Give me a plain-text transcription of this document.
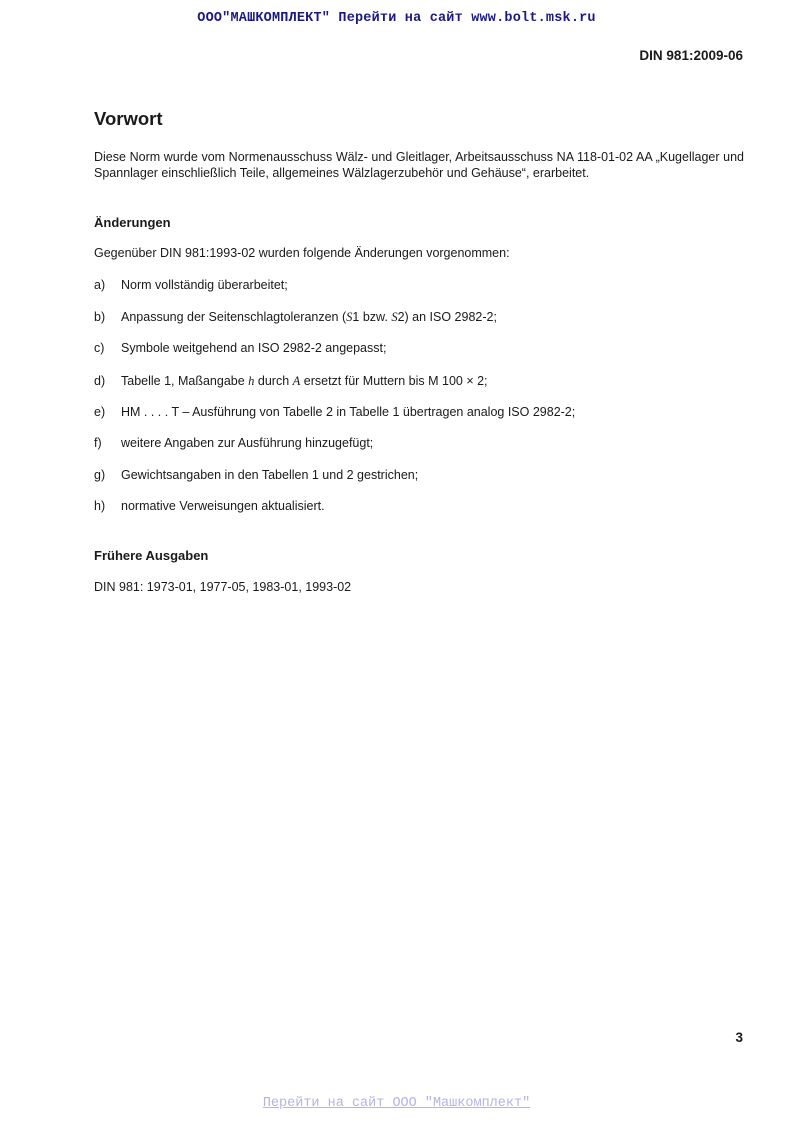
ООО"МАШКОМПЛЕКТ" Перейти на сайт www.bolt.msk.ru
DIN 981:2009-06
Vorwort

Diese Norm wurde vom Normenausschuss Wälz- und Gleitlager, Arbeitsausschuss NA 118-01-02 AA „Kugellager und Spannlager einschließlich Teile, allgemeines Wälzlagerzubehör und Gehäuse“, erarbeitet.

Änderungen
Gegenüber DIN 981:1993-02 wurden folgende Änderungen vorgenommen:
a) Norm vollständig überarbeitet;
b) Anpassung der Seitenschlagtoleranzen (S1 bzw. S2) an ISO 2982-2;
c) Symbole weitgehend an ISO 2982-2 angepasst;
d) Tabelle 1, Maßangabe h durch A ersetzt für Muttern bis M 100 × 2;
e) HM . . . . T – Ausführung von Tabelle 2 in Tabelle 1 übertragen analog ISO 2982-2;
f) weitere Angaben zur Ausführung hinzugefügt;
g) Gewichtsangaben in den Tabellen 1 und 2 gestrichen;
h) normative Verweisungen aktualisiert.
Frühere Ausgaben
DIN 981: 1973-01, 1977-05, 1983-01, 1993-02
3
Перейти на сайт ООО "Машкомплект"
